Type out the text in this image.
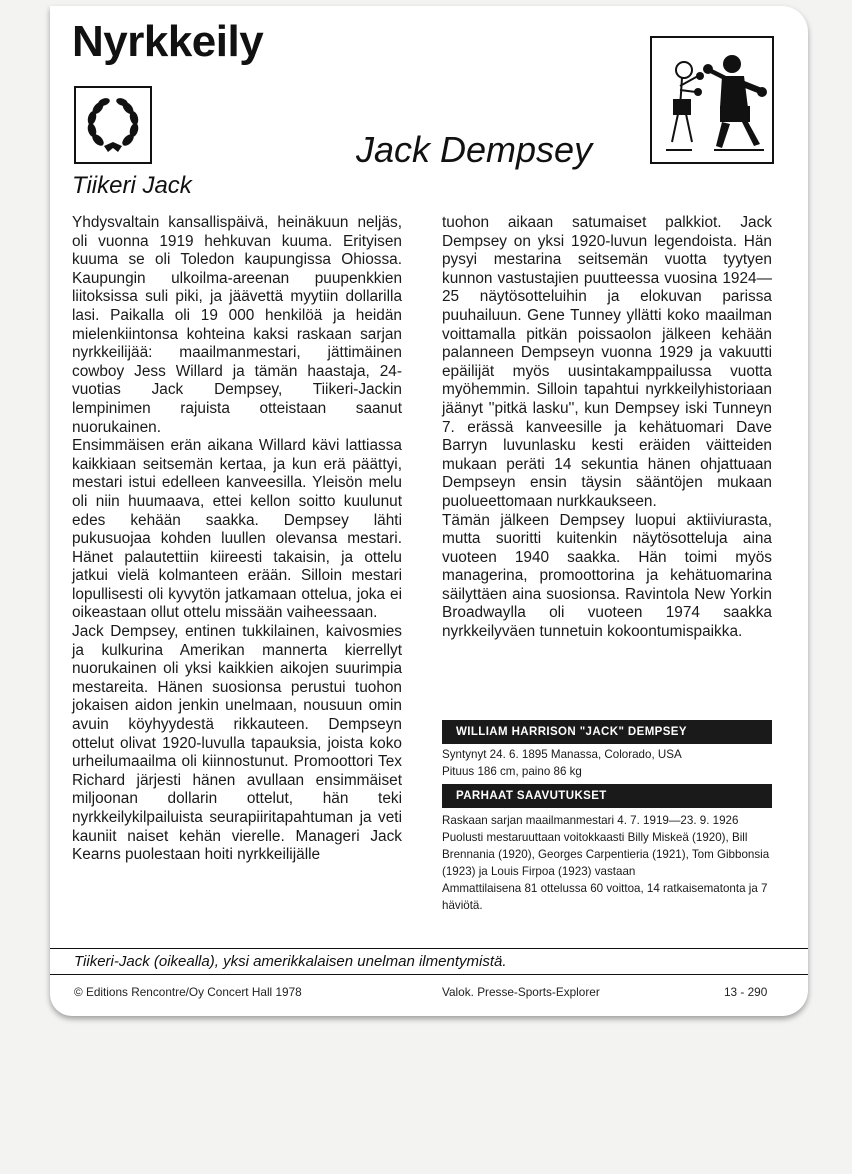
Nyrkkeily
Jack Dempsey
Tiikeri Jack

Yhdysvaltain kansallispäivä, heinäkuun neljäs, oli vuonna 1919 hehkuvan kuuma. Erityisen kuuma se oli Toledon kaupungissa Ohiossa. Kaupungin ulkoilma-areenan puupenkkien liitoksissa suli piki, ja jäävettä myytiin dollarilla lasi. Paikalla oli 19 000 henkilöä ja heidän mielenkiintonsa kohteina kaksi raskaan sarjan nyrkkeilijää: maailmanmestari, jättimäinen cowboy Jess Willard ja tämän haastaja, 24-vuotias Jack Dempsey, Tiikeri-Jackin lempinimen rajuista otteistaan saanut nuorukainen.

Ensimmäisen erän aikana Willard kävi lattiassa kaikkiaan seitsemän kertaa, ja kun erä päättyi, mestari istui edelleen kanveesilla. Yleisön melu oli niin huumaava, ettei kellon soitto kuulunut edes kehään saakka. Dempsey lähti pukusuojaa kohden luullen olevansa mestari. Hänet palautettiin kiireesti takaisin, ja ottelu jatkui vielä kolmanteen erään. Silloin mestari lopullisesti oli kyvytön jatkamaan ottelua, joka ei oikeastaan ollut ottelu missään vaiheessaan.

Jack Dempsey, entinen tukkilainen, kaivosmies ja kulkurina Amerikan mannerta kierrellyt nuorukainen oli yksi kaikkien aikojen suurimpia mestareita. Hänen suosionsa perustui tuohon jokaisen aidon jenkin unelmaan, nousuun omin avuin köyhyydestä rikkauteen. Dempseyn ottelut olivat 1920-luvulla tapauksia, joista koko urheilumaailma oli kiinnostunut. Promoottori Tex Richard järjesti hänen avullaan ensimmäiset miljoonan dollarin ottelut, hän teki nyrkkeilykilpailuista seurapiiritapahtuman ja veti kauniit naiset kehän vierelle. Manageri Jack Kearns puolestaan hoiti nyrkkeilijälle

tuohon aikaan satumaiset palkkiot. Jack Dempsey on yksi 1920-luvun legendoista. Hän pysyi mestarina seitsemän vuotta tyytyen kunnon vastustajien puutteessa vuosina 1924—25 näytösotteluihin ja elokuvan parissa puuhailuun. Gene Tunney yllätti koko maailman voittamalla pitkän poissaolon jälkeen kehään palanneen Dempseyn vuonna 1929 ja vakuutti epäilijät myös uusintakamppailussa vuotta myöhemmin. Silloin tapahtui nyrkkeilyhistoriaan jäänyt ''pitkä lasku'', kun Dempsey iski Tunneyn 7. erässä kanveesille ja kehätuomari Dave Barryn luvunlasku kesti eräiden väitteiden mukaan peräti 14 sekuntia hänen ohjattuaan Dempseyn ensin täysin sääntöjen mukaan puolueettomaan nurkkaukseen.

Tämän jälkeen Dempsey luopui aktiiviurasta, mutta suoritti kuitenkin näytösotteluja aina vuoteen 1940 saakka. Hän toimi myös managerina, promoottorina ja kehätuomarina säilyttäen aina suosionsa. Ravintola New Yorkin Broadwaylla oli vuoteen 1974 saakka nyrkkeilyväen tunnetuin kokoontumispaikka.

WILLIAM HARRISON "JACK" DEMPSEY

Syntynyt 24. 6. 1895 Manassa, Colorado, USA

Pituus 186 cm, paino 86 kg

PARHAAT SAAVUTUKSET

Raskaan sarjan maailmanmestari 4. 7. 1919—23. 9. 1926

Puolusti mestaruuttaan voitokkaasti Billy Miskeä (1920), Bill Brennania (1920), Georges Carpentieria (1921), Tom Gibbonsia (1923) ja Louis Firpoa (1923) vastaan

Ammattilaisena 81 ottelussa 60 voittoa, 14 ratkaisematonta ja 7 häviötä.

Tiikeri-Jack (oikealla), yksi amerikkalaisen unelman ilmentymistä.
© Editions Rencontre/Oy Concert Hall 1978	Valok. Presse-Sports-Explorer	13 - 290
